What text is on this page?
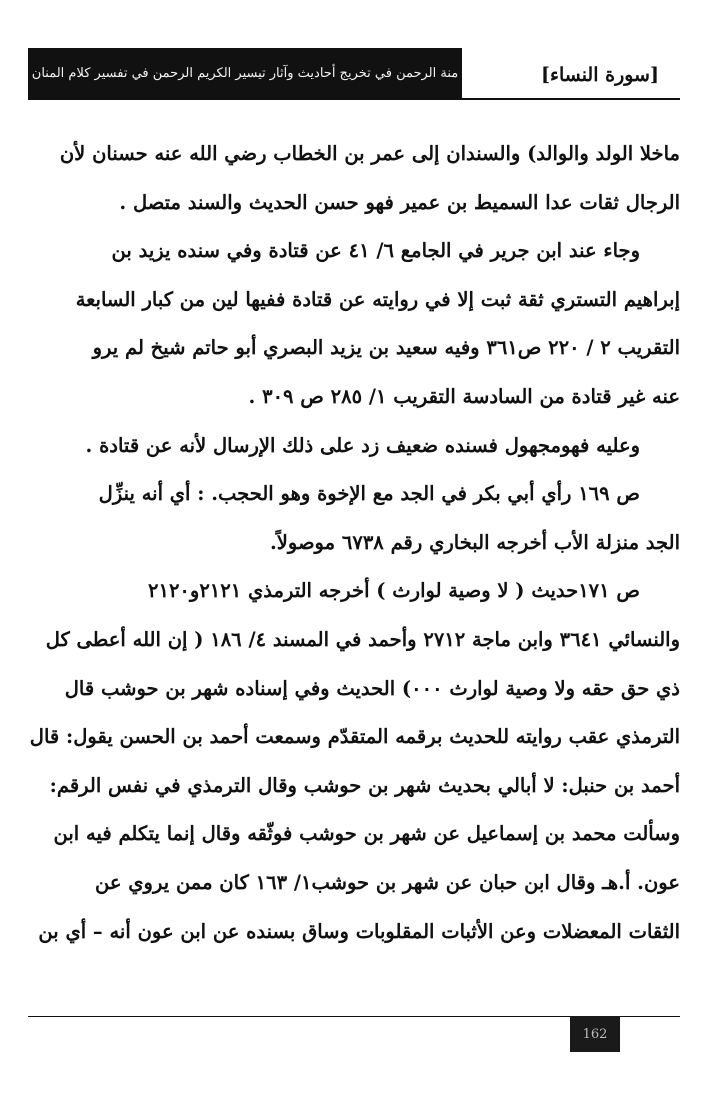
منة الرحمن في تخريج أحاديث وآثار تيسير الكريم الرحمن في تفسير كلام المنان	[سورة النساء]
ماخلا الولد والوالد) والسندان إلى عمر بن الخطاب رضي الله عنه حسنان لأن
الرجال ثقات عدا السميط بن عمير فهو حسن الحديث والسند متصل .
وجاء عند ابن جرير في الجامع ٦/ ٤١ عن قتادة وفي سنده يزيد بن
إبراهيم التستري ثقة ثبت إلا في روايته عن قتادة ففيها لين من كبار السابعة
التقريب ٢ / ٢٢٠ ص٣٦١ وفيه سعيد بن يزيد البصري أبو حاتم شيخ لم يرو
عنه غير قتادة من السادسة التقريب ١/ ٢٨٥ ص ٣٠٩ .
وعليه فهومجهول فسنده ضعيف زد على ذلك الإرسال لأنه عن قتادة .
ص ١٦٩ رأي أبي بكر في الجد مع الإخوة وهو الحجب. : أي أنه ينزِّل
الجد منزلة الأب أخرجه البخاري رقم ٦٧٣٨ موصولاً.
ص ١٧١حديث ( لا وصية لوارث ) أخرجه الترمذي ٢١٢١و٢١٢٠
والنسائي ٣٦٤١ وابن ماجة ٢٧١٢ وأحمد في المسند ٤/ ١٨٦ ( إن الله أعطى كل
ذي حق حقه ولا وصية لوارث ٠٠٠) الحديث وفي إسناده شهر بن حوشب قال
الترمذي عقب روايته للحديث برقمه المتقدّم وسمعت أحمد بن الحسن يقول: قال
أحمد بن حنبل: لا أبالي بحديث شهر بن حوشب وقال الترمذي في نفس الرقم:
وسألت محمد بن إسماعيل عن شهر بن حوشب فوثّقه وقال إنما يتكلم فيه ابن
عون. أ.هـ وقال ابن حبان عن شهر بن حوشب١/ ١٦٣ كان ممن يروي عن
الثقات المعضلات وعن الأثبات المقلوبات وساق بسنده عن ابن عون أنه – أي بن
162
